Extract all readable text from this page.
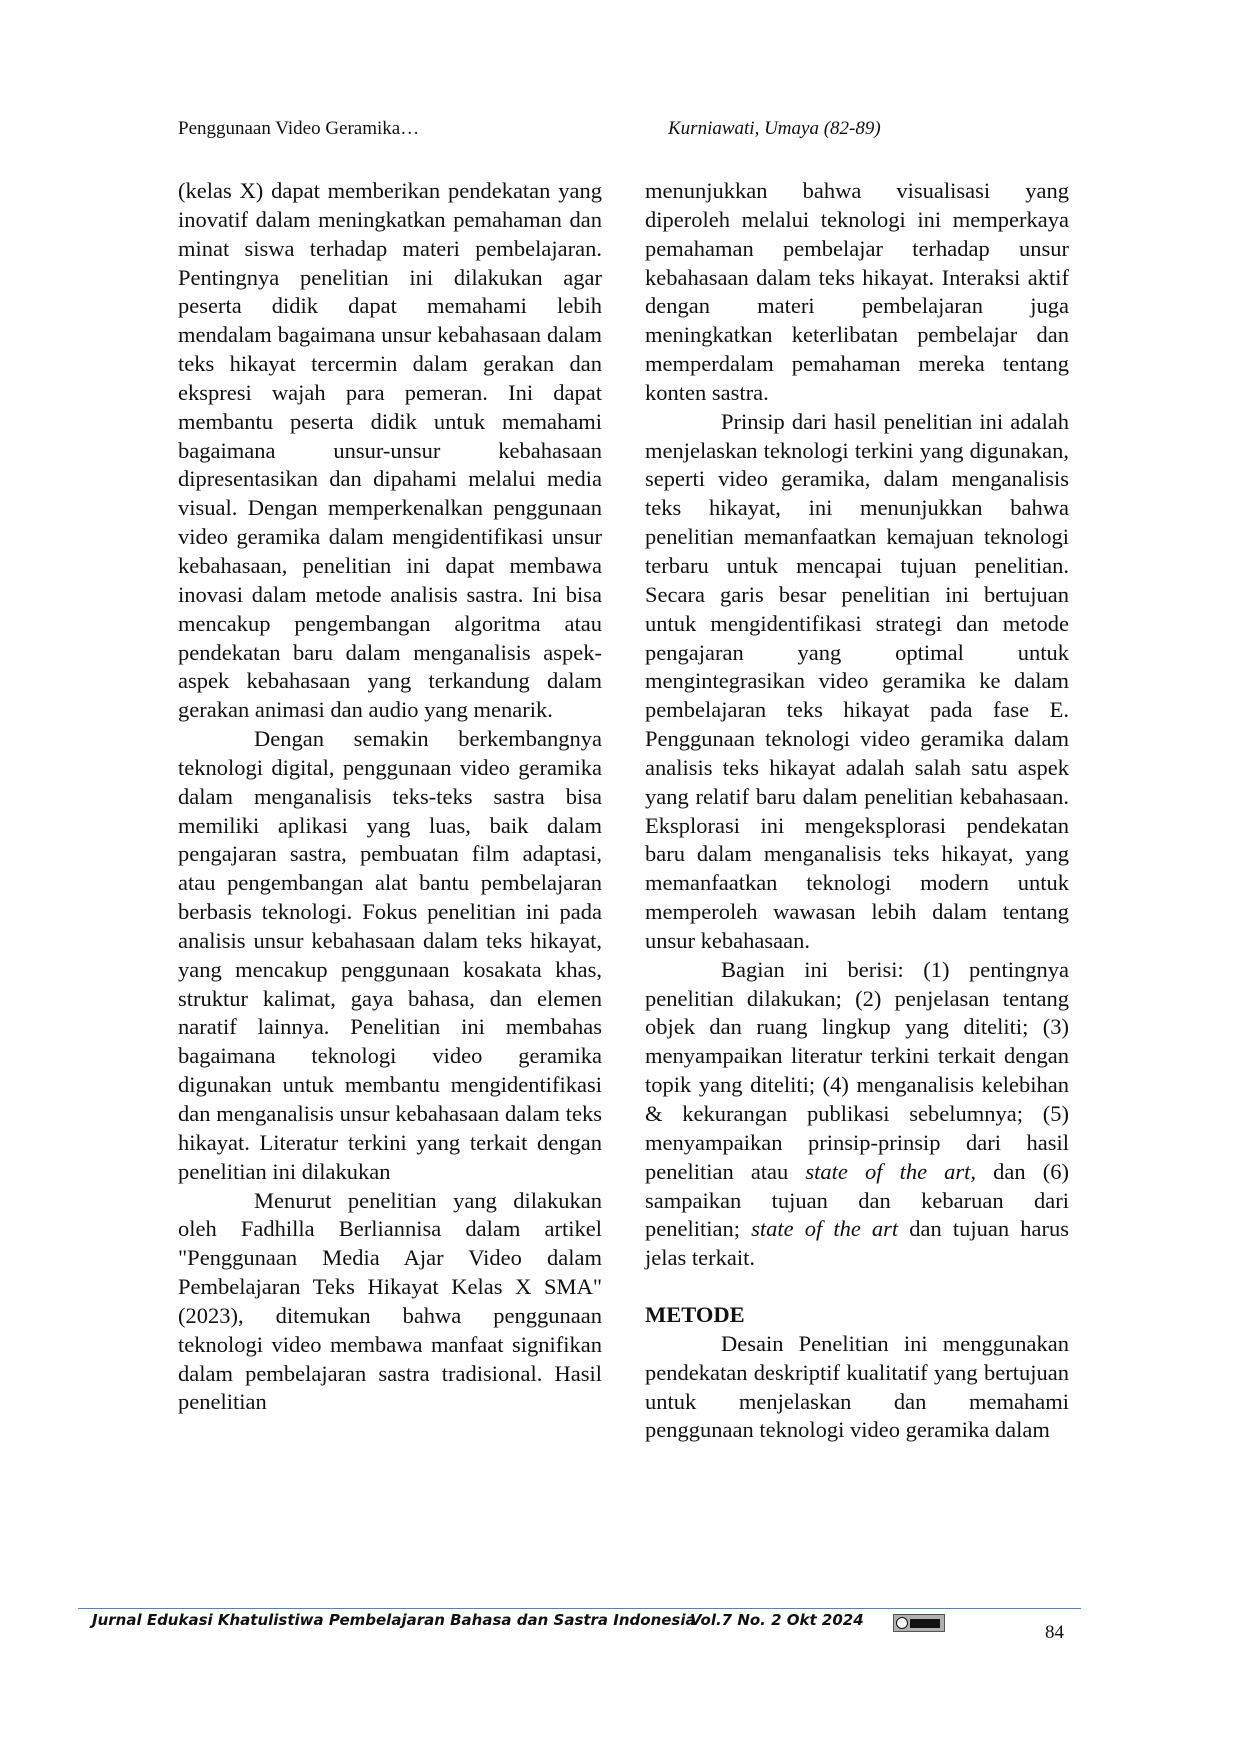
Penggunaan Video Geramika…	Kurniawati, Umaya (82-89)

(kelas X) dapat memberikan pendekatan yang inovatif dalam meningkatkan pemahaman dan minat siswa terhadap materi pembelajaran. Pentingnya penelitian ini dilakukan agar peserta didik dapat memahami lebih mendalam bagaimana unsur kebahasaan dalam teks hikayat tercermin dalam gerakan dan ekspresi wajah para pemeran. Ini dapat membantu peserta didik untuk memahami bagaimana unsur-unsur kebahasaan dipresentasikan dan dipahami melalui media visual. Dengan memperkenalkan penggunaan video geramika dalam mengidentifikasi unsur kebahasaan, penelitian ini dapat membawa inovasi dalam metode analisis sastra. Ini bisa mencakup pengembangan algoritma atau pendekatan baru dalam menganalisis aspek-aspek kebahasaan yang terkandung dalam gerakan animasi dan audio yang menarik.

Dengan semakin berkembangnya teknologi digital, penggunaan video geramika dalam menganalisis teks-teks sastra bisa memiliki aplikasi yang luas, baik dalam pengajaran sastra, pembuatan film adaptasi, atau pengembangan alat bantu pembelajaran berbasis teknologi. Fokus penelitian ini pada analisis unsur kebahasaan dalam teks hikayat, yang mencakup penggunaan kosakata khas, struktur kalimat, gaya bahasa, dan elemen naratif lainnya. Penelitian ini membahas bagaimana teknologi video geramika digunakan untuk membantu mengidentifikasi dan menganalisis unsur kebahasaan dalam teks hikayat. Literatur terkini yang terkait dengan penelitian ini dilakukan

Menurut penelitian yang dilakukan oleh Fadhilla Berliannisa dalam artikel "Penggunaan Media Ajar Video dalam Pembelajaran Teks Hikayat Kelas X SMA" (2023), ditemukan bahwa penggunaan teknologi video membawa manfaat signifikan dalam pembelajaran sastra tradisional. Hasil penelitian

menunjukkan bahwa visualisasi yang diperoleh melalui teknologi ini memperkaya pemahaman pembelajar terhadap unsur kebahasaan dalam teks hikayat. Interaksi aktif dengan materi pembelajaran juga meningkatkan keterlibatan pembelajar dan memperdalam pemahaman mereka tentang konten sastra.

Prinsip dari hasil penelitian ini adalah menjelaskan teknologi terkini yang digunakan, seperti video geramika, dalam menganalisis teks hikayat, ini menunjukkan bahwa penelitian memanfaatkan kemajuan teknologi terbaru untuk mencapai tujuan penelitian. Secara garis besar penelitian ini bertujuan untuk mengidentifikasi strategi dan metode pengajaran yang optimal untuk mengintegrasikan video geramika ke dalam pembelajaran teks hikayat pada fase E. Penggunaan teknologi video geramika dalam analisis teks hikayat adalah salah satu aspek yang relatif baru dalam penelitian kebahasaan. Eksplorasi ini mengeksplorasi pendekatan baru dalam menganalisis teks hikayat, yang memanfaatkan teknologi modern untuk memperoleh wawasan lebih dalam tentang unsur kebahasaan.

Bagian ini berisi: (1) pentingnya penelitian dilakukan; (2) penjelasan tentang objek dan ruang lingkup yang diteliti; (3) menyampaikan literatur terkini terkait dengan topik yang diteliti; (4) menganalisis kelebihan & kekurangan publikasi sebelumnya; (5) menyampaikan prinsip-prinsip dari hasil penelitian atau state of the art, dan (6) sampaikan tujuan dan kebaruan dari penelitian; state of the art dan tujuan harus jelas terkait.

METODE

Desain Penelitian ini menggunakan pendekatan deskriptif kualitatif yang bertujuan untuk menjelaskan dan memahami penggunaan teknologi video geramika dalam

Jurnal Edukasi Khatulistiwa Pembelajaran Bahasa dan Sastra Indonesia
Vol.7 No. 2 Okt 2024
84
